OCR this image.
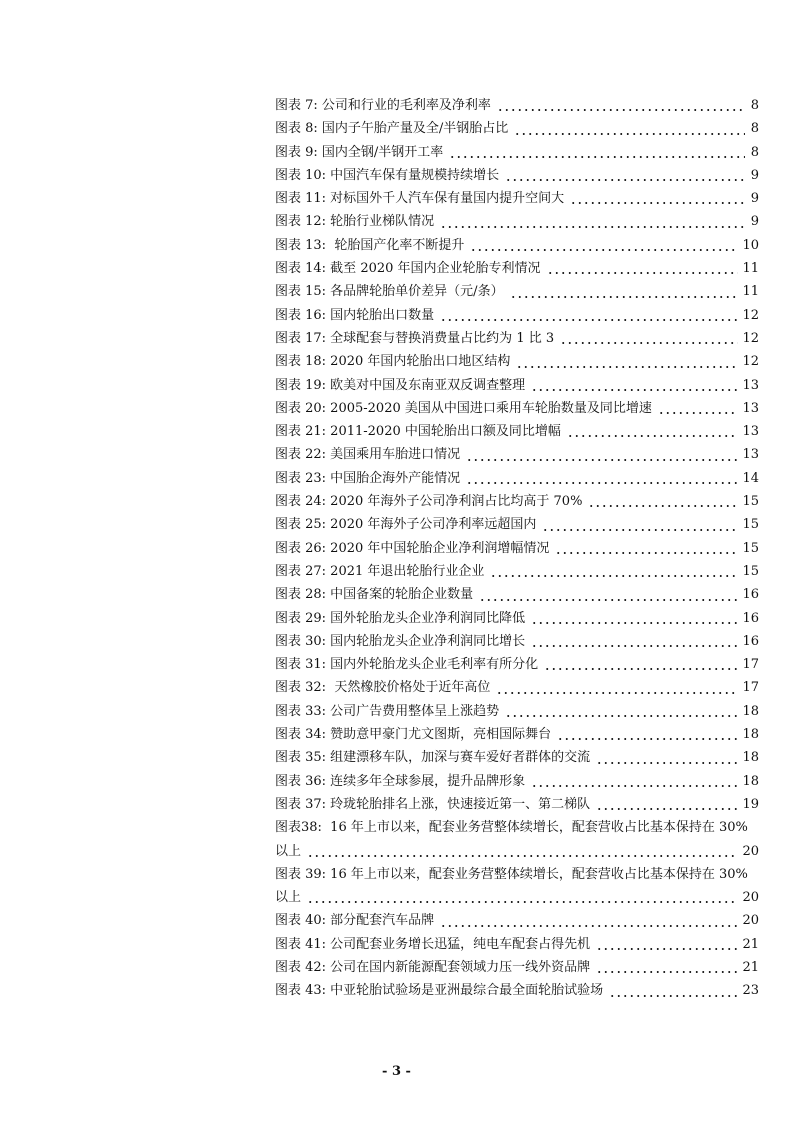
图表 7: 公司和行业的毛利率及净利率	8
图表 8: 国内子午胎产量及全/半钢胎占比	8
图表 9: 国内全钢/半钢开工率	8
图表 10: 中国汽车保有量规模持续增长	9
图表 11: 对标国外千人汽车保有量国内提升空间大	9
图表 12: 轮胎行业梯队情况	9
图表 13:  轮胎国产化率不断提升	10
图表 14: 截至 2020 年国内企业轮胎专利情况	11
图表 15: 各品牌轮胎单价差异（元/条）	11
图表 16: 国内轮胎出口数量	12
图表 17: 全球配套与替换消费量占比约为 1 比 3	12
图表 18: 2020 年国内轮胎出口地区结构	12
图表 19: 欧美对中国及东南亚双反调查整理	13
图表 20: 2005-2020 美国从中国进口乘用车轮胎数量及同比增速	13
图表 21: 2011-2020 中国轮胎出口额及同比增幅	13
图表 22: 美国乘用车胎进口情况	13
图表 23: 中国胎企海外产能情况	14
图表 24: 2020 年海外子公司净利润占比均高于 70%	15
图表 25: 2020 年海外子公司净利率远超国内	15
图表 26: 2020 年中国轮胎企业净利润增幅情况	15
图表 27: 2021 年退出轮胎行业企业	15
图表 28: 中国备案的轮胎企业数量	16
图表 29: 国外轮胎龙头企业净利润同比降低	16
图表 30: 国内轮胎龙头企业净利润同比增长	16
图表 31: 国内外轮胎龙头企业毛利率有所分化	17
图表 32:  天然橡胶价格处于近年高位	17
图表 33: 公司广告费用整体呈上涨趋势	18
图表 34: 赞助意甲豪门尤文图斯，亮相国际舞台	18
图表 35: 组建漂移车队，加深与赛车爱好者群体的交流	18
图表 36: 连续多年全球参展，提升品牌形象	18
图表 37: 玲珑轮胎排名上涨，快速接近第一、第二梯队	19
图表38:  16 年上市以来，配套业务营整体续增长，配套营收占比基本保持在 30%
以上	20
图表 39: 16 年上市以来，配套业务营整体续增长，配套营收占比基本保持在 30%
以上	20
图表 40: 部分配套汽车品牌	20
图表 41: 公司配套业务增长迅猛，纯电车配套占得先机	21
图表 42: 公司在国内新能源配套领域力压一线外资品牌	21
图表 43: 中亚轮胎试验场是亚洲最综合最全面轮胎试验场	23
- 3 -
